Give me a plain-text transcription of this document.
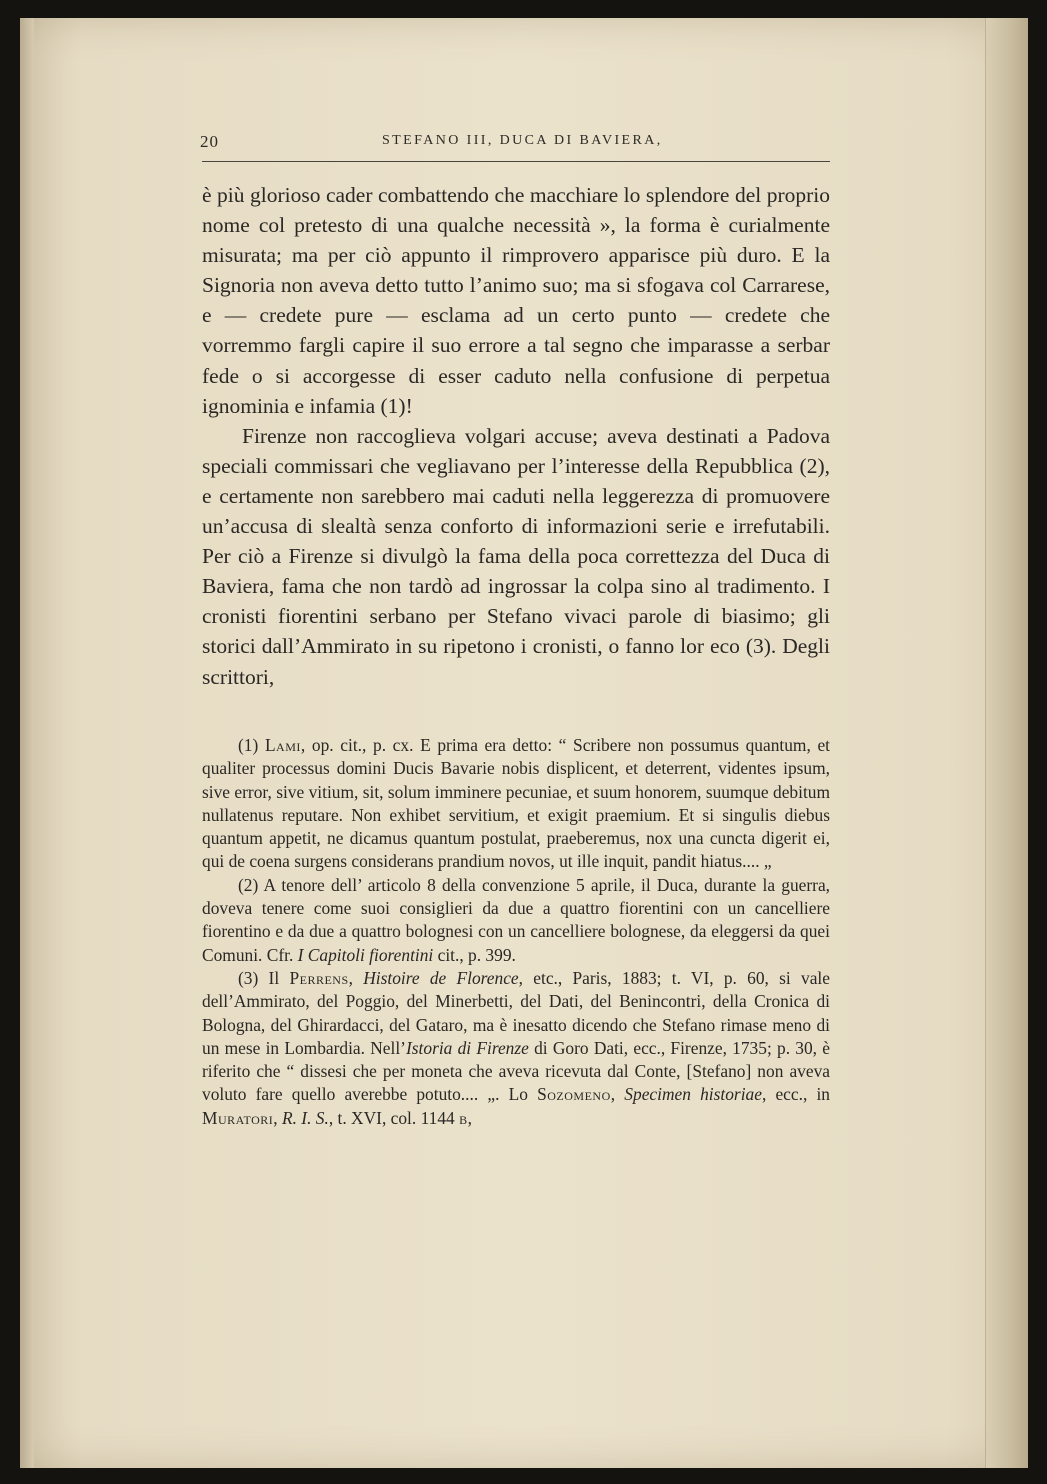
20	STEFANO III, DUCA DI BAVIERA,

è più glorioso cader combattendo che macchiare lo splendore del proprio nome col pretesto di una qualche necessità », la forma è curialmente misurata; ma per ciò appunto il rimprovero apparisce più duro. E la Signoria non aveva detto tutto l’animo suo; ma si sfogava col Carrarese, e — credete pure — esclama ad un certo punto — credete che vorremmo fargli capire il suo errore a tal segno che imparasse a serbar fede o si accorgesse di esser caduto nella confusione di perpetua ignominia e infamia (1)!

Firenze non raccoglieva volgari accuse; aveva destinati a Padova speciali commissari che vegliavano per l’interesse della Repubblica (2), e certamente non sarebbero mai caduti nella leggerezza di promuovere un’accusa di slealtà senza conforto di informazioni serie e irrefutabili. Per ciò a Firenze si divulgò la fama della poca correttezza del Duca di Baviera, fama che non tardò ad ingrossar la colpa sino al tradimento. I cronisti fiorentini serbano per Stefano vivaci parole di biasimo; gli storici dall’Ammirato in su ripetono i cronisti, o fanno lor eco (3). Degli scrittori,

(1) Lami, op. cit., p. cx. E prima era detto: “ Scribere non possumus quantum, et qualiter processus domini Ducis Bavarie nobis displicent, et deterrent, videntes ipsum, sive error, sive vitium, sit, solum imminere pecuniae, et suum honorem, suumque debitum nullatenus reputare. Non exhibet servitium, et exigit praemium. Et si singulis diebus quantum appetit, ne dicamus quantum postulat, praeberemus, nox una cuncta digerit ei, qui de coena surgens considerans prandium novos, ut ille inquit, pandit hiatus.... „

(2) A tenore dell’ articolo 8 della convenzione 5 aprile, il Duca, durante la guerra, doveva tenere come suoi consiglieri da due a quattro fiorentini con un cancelliere fiorentino e da due a quattro bolognesi con un cancelliere bolognese, da eleggersi da quei Comuni. Cfr. I Capitoli fiorentini cit., p. 399.

(3) Il Perrens, Histoire de Florence, etc., Paris, 1883; t. VI, p. 60, si vale dell’Ammirato, del Poggio, del Minerbetti, del Dati, del Benincontri, della Cronica di Bologna, del Ghirardacci, del Gataro, ma è inesatto dicendo che Stefano rimase meno di un mese in Lombardia. Nell’Istoria di Firenze di Goro Dati, ecc., Firenze, 1735; p. 30, è riferito che “ dissesi che per moneta che aveva ricevuta dal Conte, [Stefano] non aveva voluto fare quello averebbe potuto.... „. Lo Sozomeno, Specimen historiae, ecc., in Muratori, R. I. S., t. XVI, col. 1144 b,
